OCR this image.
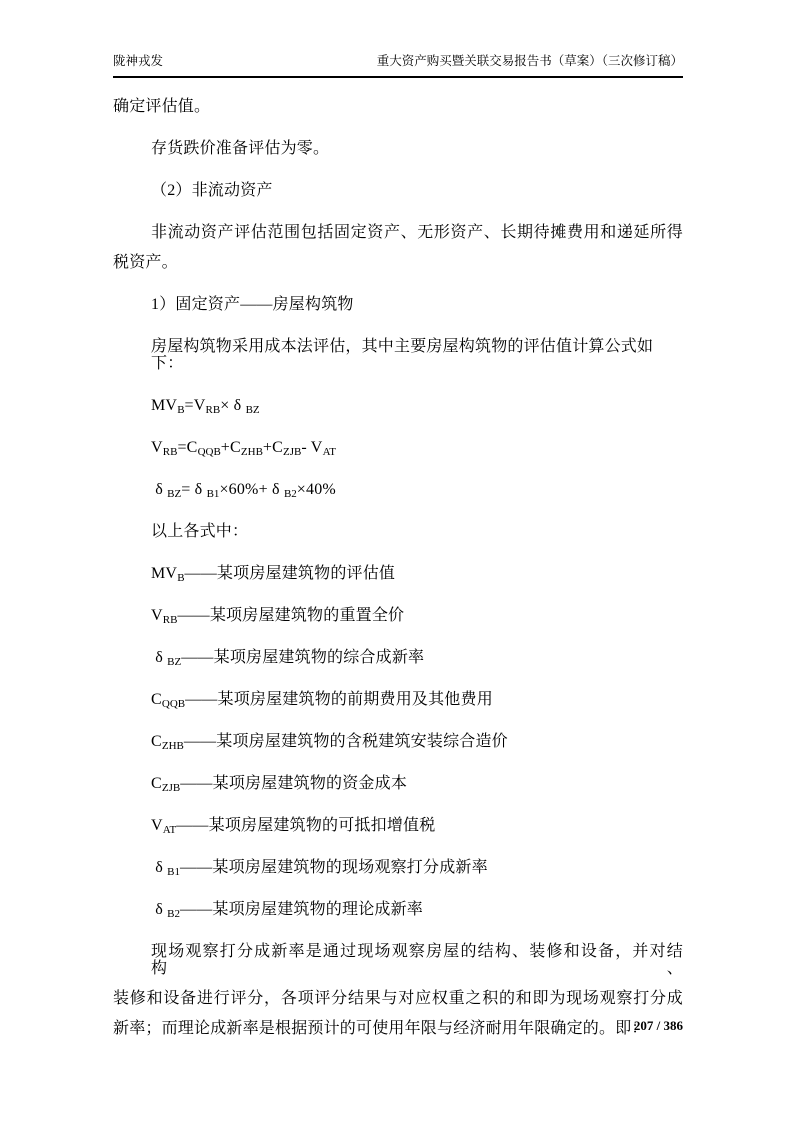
陇神戎发	重大资产购买暨关联交易报告书（草案）（三次修订稿）
确定评估值。
存货跌价准备评估为零。
（2）非流动资产
非流动资产评估范围包括固定资产、无形资产、长期待摊费用和递延所得
税资产。
1）固定资产——房屋构筑物
房屋构筑物采用成本法评估，其中主要房屋构筑物的评估值计算公式如下：
$MV_B=V_{RB}\times \delta$ $_{BZ}$
$V_{RB}=C_{QQB}+C_{ZHB}+C_{ZJB}-$ $V_{AT}$
δ $_{BZ}$= δ $_{B1}$×60%+ δ $_{B2}$×40%
以上各式中：
$MV_B——$某项房屋建筑物的评估值
$V_{RB}——$某项房屋建筑物的重置全价
δ $_{BZ}$——某项房屋建筑物的综合成新率
$C_{QQB}——$某项房屋建筑物的前期费用及其他费用
$C_{ZHB}——$某项房屋建筑物的含税建筑安装综合造价
$C_{ZJB}——$某项房屋建筑物的资金成本
$V_{AT}——$某项房屋建筑物的可抵扣增值税
δ $_{B1}$——某项房屋建筑物的现场观察打分成新率
δ $_{B2}$——某项房屋建筑物的理论成新率
现场观察打分成新率是通过现场观察房屋的结构、装修和设备，并对结构、
装修和设备进行评分，各项评分结果与对应权重之积的和即为现场观察打分成
新率；而理论成新率是根据预计的可使用年限与经济耐用年限确定的。即：
207 / 386
